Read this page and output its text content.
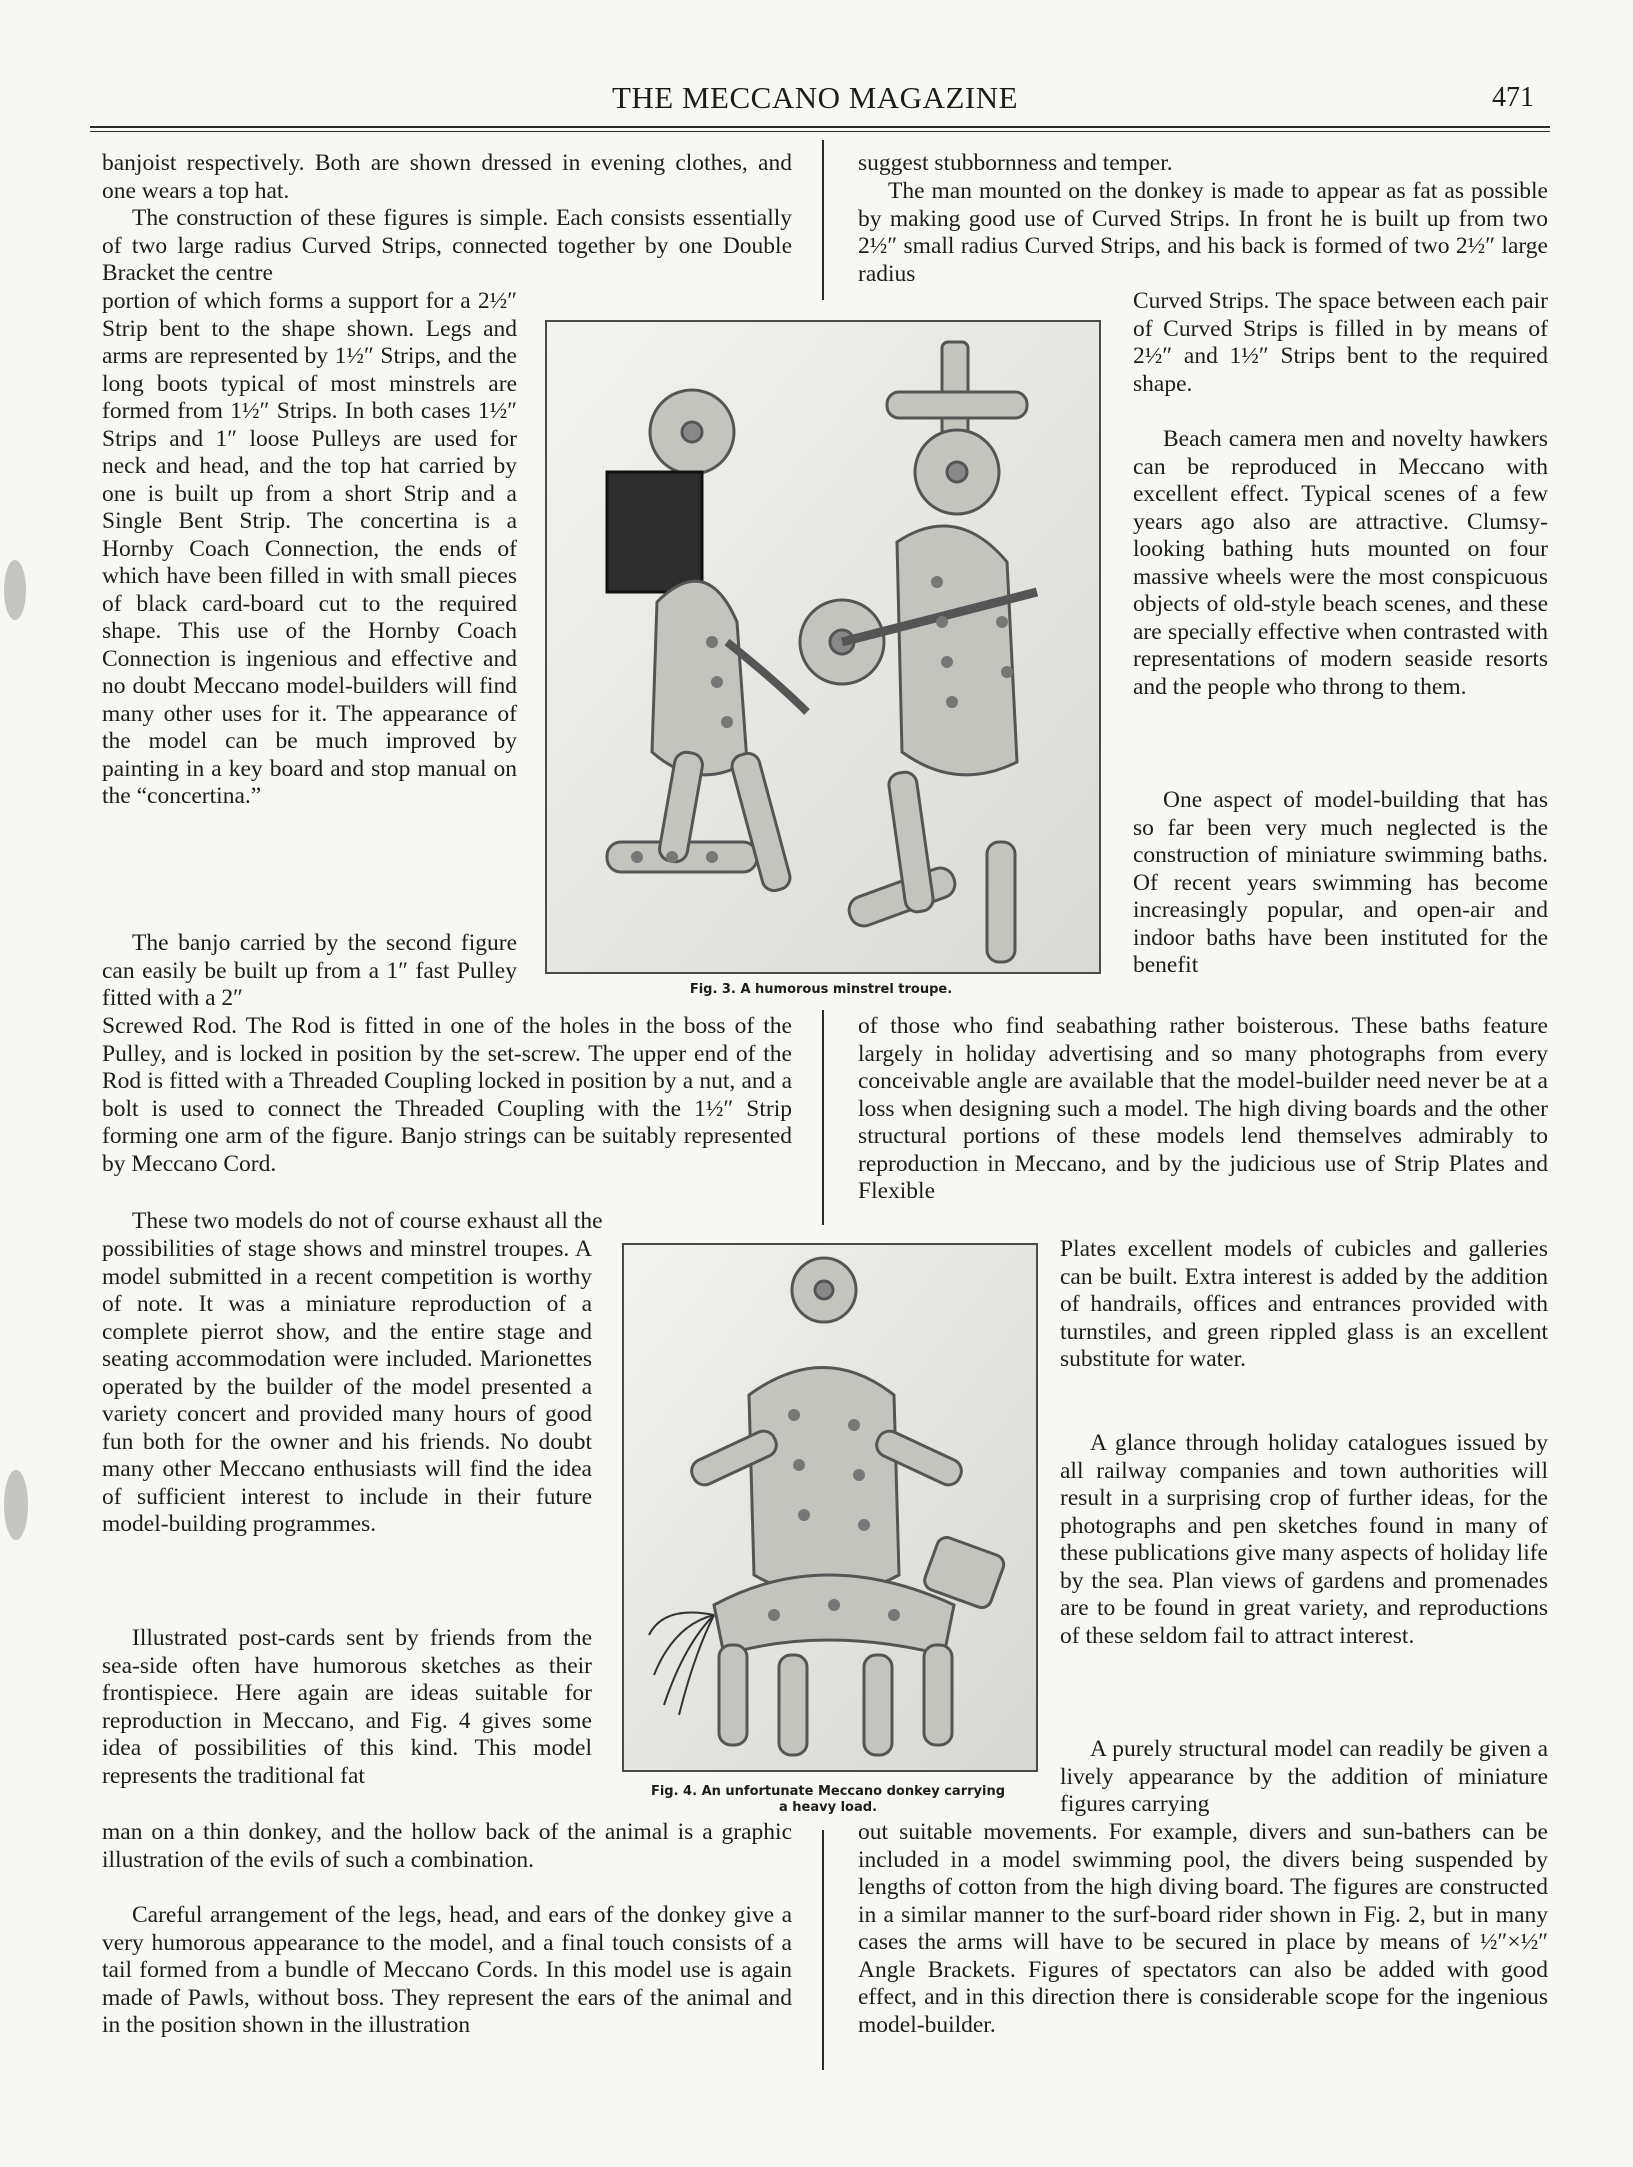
THE MECCANO MAGAZINE	471

banjoist respectively. Both are shown dressed in evening clothes, and one wears a top hat.

The construction of these figures is simple. Each consists essentially of two large radius Curved Strips, connected together by one Double Bracket the centre

portion of which forms a support for a 2½″ Strip bent to the shape shown. Legs and arms are represented by 1½″ Strips, and the long boots typical of most minstrels are formed from 1½″ Strips. In both cases 1½″ Strips and 1″ loose Pulleys are used for neck and head, and the top hat carried by one is built up from a short Strip and a Single Bent Strip. The concertina is a Hornby Coach Connection, the ends of which have been filled in with small pieces of black card-board cut to the required shape. This use of the Hornby Coach Connection is ingenious and effective and no doubt Meccano model-builders will find many other uses for it. The appearance of the model can be much improved by painting in a key board and stop manual on the “concertina.”

The banjo carried by the second figure can easily be built up from a 1″ fast Pulley fitted with a 2″

Screwed Rod. The Rod is fitted in one of the holes in the boss of the Pulley, and is locked in position by the set-screw. The upper end of the Rod is fitted with a Threaded Coupling locked in position by a nut, and a bolt is used to connect the Threaded Coupling with the 1½″ Strip forming one arm of the figure. Banjo strings can be suitably represented by Meccano Cord.

These two models do not of course exhaust all the

possibilities of stage shows and minstrel troupes. A model submitted in a recent competition is worthy of note. It was a miniature reproduction of a complete pierrot show, and the entire stage and seating accommodation were included. Marionettes operated by the builder of the model presented a variety concert and provided many hours of good fun both for the owner and his friends. No doubt many other Meccano enthusiasts will find the idea of sufficient interest to include in their future model-building programmes.

Illustrated post-cards sent by friends from the sea-side often have humorous sketches as their frontispiece. Here again are ideas suitable for reproduction in Meccano, and Fig. 4 gives some idea of possibilities of this kind. This model represents the traditional fat

man on a thin donkey, and the hollow back of the animal is a graphic illustration of the evils of such a combination.

Careful arrangement of the legs, head, and ears of the donkey give a very humorous appearance to the model, and a final touch consists of a tail formed from a bundle of Meccano Cords. In this model use is again made of Pawls, without boss. They represent the ears of the animal and in the position shown in the illustration

suggest stubbornness and temper.

The man mounted on the donkey is made to appear as fat as possible by making good use of Curved Strips. In front he is built up from two 2½″ small radius Curved Strips, and his back is formed of two 2½″ large radius

Curved Strips. The space between each pair of Curved Strips is filled in by means of 2½″ and 1½″ Strips bent to the required shape.

Beach camera men and novelty hawkers can be reproduced in Meccano with excellent effect. Typical scenes of a few years ago also are attractive. Clumsy-looking bathing huts mounted on four massive wheels were the most conspicuous objects of old-style beach scenes, and these are specially effective when contrasted with representations of modern seaside resorts and the people who throng to them.

One aspect of model-building that has so far been very much neglected is the construction of miniature swimming baths. Of recent years swimming has become increasingly popular, and open-air and indoor baths have been instituted for the benefit

of those who find seabathing rather boisterous. These baths feature largely in holiday advertising and so many photographs from every conceivable angle are available that the model-builder need never be at a loss when designing such a model. The high diving boards and the other structural portions of these models lend themselves admirably to reproduction in Meccano, and by the judicious use of Strip Plates and Flexible

Plates excellent models of cubicles and galleries can be built. Extra interest is added by the addition of handrails, offices and entrances provided with turnstiles, and green rippled glass is an excellent substitute for water.

A glance through holiday catalogues issued by all railway companies and town authorities will result in a surprising crop of further ideas, for the photographs and pen sketches found in many of these publications give many aspects of holiday life by the sea. Plan views of gardens and promenades are to be found in great variety, and reproductions of these seldom fail to attract interest.

A purely structural model can readily be given a lively appearance by the addition of miniature figures carrying

out suitable movements. For example, divers and sun-bathers can be included in a model swimming pool, the divers being suspended by lengths of cotton from the high diving board. The figures are constructed in a similar manner to the surf-board rider shown in Fig. 2, but in many cases the arms will have to be secured in place by means of ½″×½″ Angle Brackets. Figures of spectators can also be added with good effect, and in this direction there is considerable scope for the ingenious model-builder.

Fig. 3. A humorous minstrel troupe.
Fig. 4. An unfortunate Meccano donkey carrying
a heavy load.
